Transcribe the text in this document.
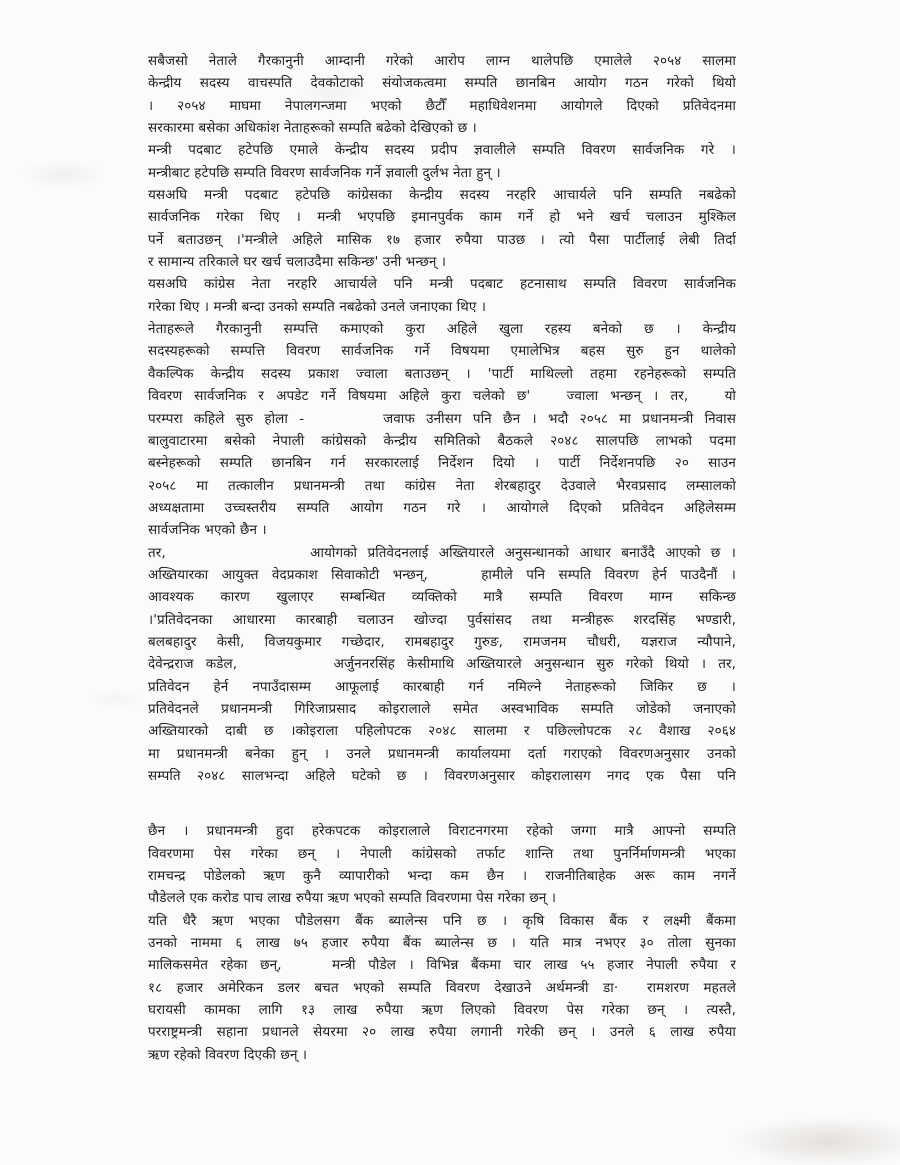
सबैजसो नेताले गैरकानुनी आम्दानी गरेको आरोप लाग्न थालेपछि एमालेले २०५४ सालमा
केन्द्रीय सदस्य वाचस्पति देवकोटाको संयोजकत्वमा सम्पति छानबिन आयोग गठन गरेको थियो
। २०५४ माघमा नेपालगन्जमा भएको छैटौँ महाधिवेशनमा आयोगले दिएको प्रतिवेदनमा
सरकारमा बसेका अधिकांश नेताहरूको सम्पति बढेको देखिएको छ ।
मन्त्री पदबाट हटेपछि एमाले केन्द्रीय सदस्य प्रदीप ज्ञवालीले सम्पति विवरण सार्वजनिक गरे ।
मन्त्रीबाट हटेपछि सम्पति विवरण सार्वजनिक गर्ने ज्ञवाली दुर्लभ नेता हुन् ।
यसअघि मन्त्री पदबाट हटेपछि कांग्रेसका केन्द्रीय सदस्य नरहरि आचार्यले पनि सम्पति नबढेको
सार्वजनिक गरेका थिए । मन्त्री भएपछि इमानपुर्वक काम गर्ने हो भने खर्च चलाउन मुश्किल
पर्ने बताउछन् ।'मन्त्रीले अहिले मासिक १७ हजार रुपैया पाउछ । त्यो पैसा पार्टीलाई लेबी तिर्दा
र सामान्य तरिकाले घर खर्च चलाउदैमा सकिन्छ' उनी भन्छन् ।
यसअघि कांग्रेस नेता नरहरि आचार्यले पनि मन्त्री पदबाट हटनासाथ सम्पति विवरण सार्वजनिक
गरेका थिए । मन्त्री बन्दा उनको सम्पति नबढेको उनले जनाएका थिए ।
नेताहरूले गैरकानुनी सम्पत्ति कमाएको कुरा अहिले खुला रहस्य बनेको छ । केन्द्रीय
सदस्यहरूको सम्पत्ति विवरण सार्वजनिक गर्ने विषयमा एमालेभित्र बहस सुरु हुन थालेको
वैकल्पिक केन्द्रीय सदस्य प्रकाश ज्वाला बताउछन् । 'पार्टी माथिल्लो तहमा रहनेहरूको सम्पति
विवरण सार्वजनिक र अपडेट गर्ने विषयमा अहिले कुरा चलेको छ'   ज्वाला भन्छन् । तर,   यो
परम्परा कहिले सुरु होला -       जवाफ उनीसग पनि छैन । भदौ २०५८ मा प्रधानमन्त्री निवास
बालुवाटारमा बसेको नेपाली कांग्रेसको केन्द्रीय समितिको बैठकले २०४८ सालपछि लाभको पदमा
बस्नेहरूको सम्पति छानबिन गर्न सरकारलाई निर्देशन दियो । पार्टी निर्देशनपछि २० साउन
२०५८ मा तत्कालीन प्रधानमन्त्री तथा कांग्रेस नेता शेरबहादुर देउवाले भैरवप्रसाद लम्सालको
अध्यक्षतामा उच्चस्तरीय सम्पति आयोग गठन गरे । आयोगले दिएको प्रतिवेदन अहिलेसम्म
सार्वजनिक भएको छैन ।
तर,              आयोगको प्रतिवेदनलाई अख्तियारले अनुसन्धानको आधार बनाउँदै आएको छ ।
अख्तियारका आयुक्त वेदप्रकाश सिवाकोटी भन्छन्,    हामीले पनि सम्पति विवरण हेर्न पाउदैनौं ।
आवश्यक कारण खुलाएर सम्बन्धित व्यक्तिको मात्रै सम्पति विवरण माग्न सकिन्छ
।'प्रतिवेदनका आधारमा कारबाही चलाउन खोज्दा पुर्वसांसद तथा मन्त्रीहरू शरदसिंह भण्डारी,
बलबहादुर केसी, विजयकुमार गच्छेदार, रामबहादुर गुरुङ, रामजनम चौधरी, यज्ञराज न्यौपाने,
देवेन्द्रराज कडेल,        अर्जुननरसिंह केसीमाथि अख्तियारले अनुसन्धान सुरु गरेको थियो । तर,
प्रतिवेदन हेर्न नपाउँदासम्म आफूलाई कारबाही गर्न नमिल्ने नेताहरूको जिकिर छ ।
प्रतिवेदनले प्रधानमन्त्री गिरिजाप्रसाद कोइरालाले समेत अस्वभाविक सम्पति जोडेको जनाएको
अख्तियारको दाबी छ ।कोइराला पहिलोपटक २०४८ सालमा र पछिल्लोपटक २८ वैशाख २०६४
मा प्रधानमन्त्री बनेका हुन् । उनले प्रधानमन्त्री कार्यालयमा दर्ता गराएको विवरणअनुसार उनको
सम्पति २०४८ सालभन्दा अहिले घटेको छ । विवरणअनुसार कोइरालासग नगद एक पैसा पनि
छैन । प्रधानमन्त्री हुदा हरेकपटक कोइरालाले विराटनगरमा रहेको जग्गा मात्रै आफ्नो सम्पति
विवरणमा पेस गरेका छन् । नेपाली कांग्रेसको तर्फाट शान्ति तथा पुनर्निर्माणमन्त्री भएका
रामचन्द्र पोडेलको ऋण कुनै व्यापारीको भन्दा कम छैन । राजनीतिबाहेक अरू काम नगर्ने
पौडेलले एक करोड पाच लाख रुपैया ऋण भएको सम्पति विवरणमा पेस गरेका छन् ।
यति धैरै ऋण भएका पौडेलसग बैंक ब्यालेन्स पनि छ । कृषि विकास बैंक र लक्ष्मी बैंकमा
उनको नाममा ६ लाख ७५ हजार रुपैया बैंक ब्यालेन्स छ । यति मात्र नभएर ३० तोला सुनका
मालिकसमेत रहेका छन्,    मन्त्री पौडेल । विभिन्न बैंकमा चार लाख ५५ हजार नेपाली रुपैया र
१८ हजार अमेरिकन डलर बचत भएको सम्पति विवरण देखाउने अर्थमन्त्री डा·  रामशरण महतले
घरायसी कामका लागि १३ लाख रुपैया ऋण लिएको विवरण पेस गरेका छन् । त्यस्तै,
परराष्ट्रमन्त्री सहाना प्रधानले सेयरमा २० लाख रुपैया लगानी गरेकी छन् । उनले ६ लाख रुपैया
ऋण रहेको विवरण दिएकी छन् ।
